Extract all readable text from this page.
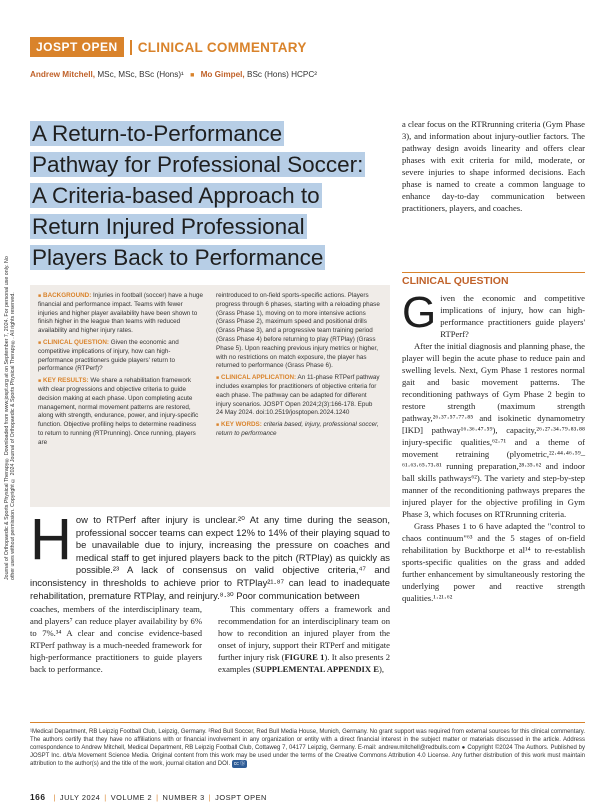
Journal of Orthopaedic & Sports Physical Therapy® Downloaded from www.jospt.org at on September 7, 2024. For personal use only. No other uses without permission. Copyright © 2024 Journal of Orthopaedic & Sports Physical Therapy®. All rights reserved.
JOSPT OPEN	CLINICAL COMMENTARY
Andrew Mitchell, MSc, MSc, BSc (Hons)¹ ■ Mo Gimpel, BSc (Hons) HCPC²
A Return-to-Performance
Pathway for Professional Soccer:
A Criteria-based Approach to
Return Injured Professional
Players Back to Performance

■ BACKGROUND: Injuries in football (soccer) have a huge financial and performance impact. Teams with fewer injuries and higher player availability have been shown to finish higher in the league than teams with reduced availability and higher injury rates.

■ CLINICAL QUESTION: Given the economic and competitive implications of injury, how can high-performance practitioners guide players' return to performance (RTPerf)?

■ KEY RESULTS: We share a rehabilitation framework with clear progressions and objective criteria to guide decision making at each phase. Upon completing acute management, normal movement patterns are restored, along with strength, endurance, power, and injury-specific function. Objective profiling helps to determine readiness to return to running (RTPrunning). Once running, players are

reintroduced to on-field sports-specific actions. Players progress through 6 phases, starting with a reloading phase (Grass Phase 1), moving on to more intensive actions (Grass Phase 2), maximum speed and positional drills (Grass Phase 3), and a progressive team training period (Grass Phase 4) before returning to play (RTPlay) (Grass Phase 5). Upon reaching previous injury metrics or higher, with no restrictions on match exposure, the player has returned to performance (Grass Phase 6).

■ CLINICAL APPLICATION: An 11-phase RTPerf pathway includes examples for practitioners of objective criteria for each phase. The pathway can be adapted for different injury scenarios. JOSPT Open 2024;2(3):166-178. Epub 24 May 2024. doi:10.2519/josptopen.2024.1240

■ KEY WORDS: criteria based, injury, professional soccer, return to performance

H ow to RTPerf after injury is unclear.²⁰ At any time during the season, professional soccer teams can expect 12% to 14% of their playing squad to be unavailable due to injury, increasing the pressure on coaches and medical staff to get injured players back to the pitch (RTPlay) as quickly as possible.²³ A lack of consensus on valid objective criteria,⁴⁷ and inconsistency in thresholds to achieve prior to RTPlay²¹·⁸⁷ can lead to inadequate rehabilitation, premature RTPlay, and reinjury.⁸·³⁰ Poor communication between

coaches, members of the interdisciplinary team, and players⁷ can reduce player availability by 6% to 7%.³⁴ A clear and concise evidence-based RTPerf pathway is a much-needed framework for high-performance practitioners to guide players back to performance.

This commentary offers a framework and recommendation for an interdisciplinary team on how to recondition an injured player from the onset of injury, support their RTPerf and mitigate further injury risk (FIGURE 1). It also presents 2 examples (SUPPLEMENTAL APPENDIX E),

a clear focus on the RTRrunning criteria (Gym Phase 3), and information about injury-outlier factors. The pathway design avoids linearity and offers clear phases with exit criteria for mild, moderate, or severe injuries to shape informed decisions. Each phase is named to create a common language to enhance day-to-day communication between practitioners, players, and coaches.

CLINICAL QUESTION
G iven the economic and competitive implications of injury, how can high-performance practitioners guide players' RTPerf?

After the initial diagnosis and planning phase, the player will begin the acute phase to reduce pain and swelling levels. Next, Gym Phase 1 restores normal gait and basic movement patterns. The reconditioning pathways of Gym Phase 2 begin to restore strength (maximum strength pathway,²⁶·³⁷·⁵⁷·⁷⁷·⁸⁵ and isokinetic dynamometry [IKD] pathway¹⁶·³⁶·⁴⁷·⁵⁹), capacity,²⁶·²⁷·³⁴·⁷⁹·⁸³·⁸⁸ injury-specific qualities,⁶²·⁷¹ and a theme of movement retraining (plyometric,²²·⁴⁴·⁴⁶·⁵⁹–⁶¹·⁶³·⁶⁵·⁷³·⁸¹ running preparation,²⁸·³⁵·⁶² and indoor ball skills pathways⁶²). The variety and step-by-step manner of the reconditioning pathways prepares the injured player for the objective profiling in Gym Phase 3, which focuses on RTRrunning criteria.

Grass Phases 1 to 6 have adapted the "control to chaos continuum"⁶³ and the 5 stages of on-field rehabilitation by Buckthorpe et al¹⁴ to re-establish sports-specific qualities on the grass and added further enhancement by simultaneously restoring the underlying power and reactive strength qualities.¹·²¹·⁶²

¹Medical Department, RB Leipzig Football Club, Leipzig, Germany. ²Red Bull Soccer, Red Bull Media House, Munich, Germany. No grant support was required from external sources for this clinical commentary. The authors certify that they have no affiliations with or financial involvement in any organization or entity with a direct financial interest in the subject matter or materials discussed in the article. Address correspondence to Andrew Mitchell, Medical Department, RB Leipzig Football Club, Cottaweg 7, 04177 Leipzig, Germany. E-mail: andrew.mitchell@redbulls.com ● Copyright ©2024 The Authors. Published by JOSPT Inc. d/b/a Movement Science Media. Original content from this work may be used under the terms of the Creative Commons Attribution 4.0 License. Any further distribution of this work must maintain attribution to the author(s) and the title of the work, journal citation and DOI. cc ⓑ
166 | JULY 2024 | VOLUME 2 | NUMBER 3 | JOSPT OPEN
